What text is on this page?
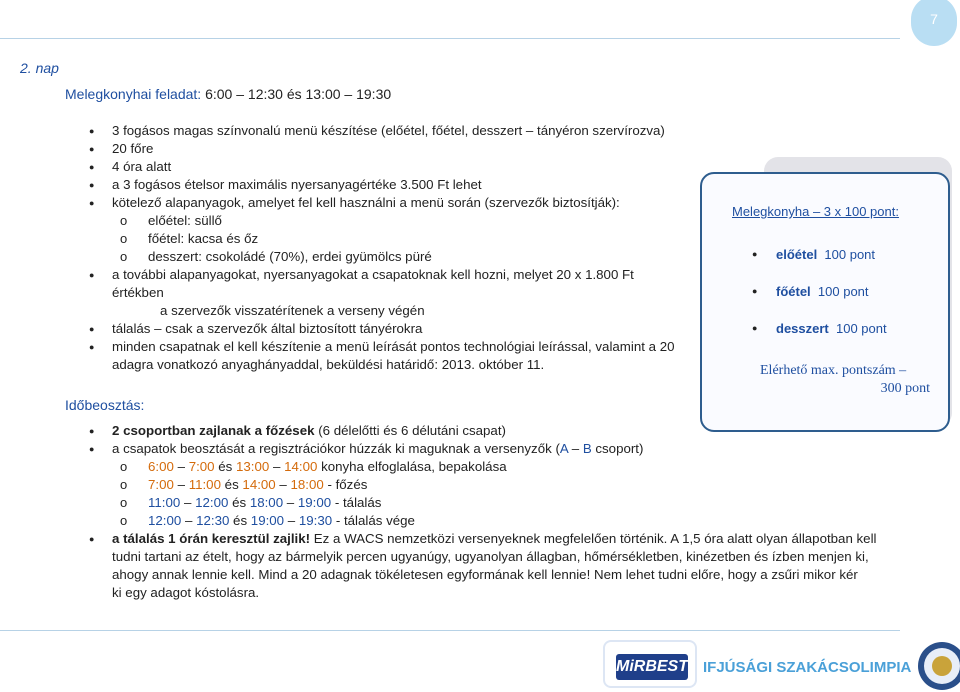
7
2. nap
Melegkonyhai feladat: 6:00 – 12:30 és 13:00 – 19:30
● 3 fogásos magas színvonalú menü készítése (előétel, főétel, desszert – tányéron szervírozva)
● 20 főre
● 4 óra alatt
● a 3 fogásos ételsor maximális nyersanyagértéke 3.500 Ft lehet
● kötelező alapanyagok, amelyet fel kell használni a menü során (szervezők biztosítják):
o előétel: süllő
o főétel: kacsa és őz
o desszert: csokoládé (70%), erdei gyümölcs püré
● a további alapanyagokat, nyersanyagokat a csapatoknak kell hozni, melyet 20 x 1.800 Ft értékben
a szervezők visszatérítenek a verseny végén
● tálalás – csak a szervezők által biztosított tányérokra
● minden csapatnak el kell készítenie a menü leírását pontos technológiai leírással, valamint a 20
adagra vonatkozó anyaghányaddal, beküldési határidő: 2013. október 11.
Melegkonyha – 3 x 100 pont:
● előétel 100 pont
● főétel 100 pont
● desszert 100 pont
Elérhető max. pontszám –
300 pont
Időbeosztás:
● 2 csoportban zajlanak a főzések (6 délelőtti és 6 délutáni csapat)
● a csapatok beosztását a regisztrációkor húzzák ki maguknak a versenyzők (A – B csoport)
o 6:00 – 7:00 és 13:00 – 14:00 konyha elfoglalása, bepakolása
o 7:00 – 11:00 és 14:00 – 18:00 - főzés
o 11:00 – 12:00 és 18:00 – 19:00 - tálalás
o 12:00 – 12:30 és 19:00 – 19:30 - tálalás vége
● a tálalás 1 órán keresztül zajlik! Ez a WACS nemzetközi versenyeknek megfelelően történik. A 1,5 óra alatt olyan állapotban kell
tudni tartani az ételt, hogy az bármelyik percen ugyanúgy, ugyanolyan állagban, hőmérsékletben, kinézetben és ízben menjen ki,
ahogy annak lennie kell. Mind a 20 adagnak tökéletesen egyformának kell lennie! Nem lehet tudni előre, hogy a zsűri mikor kér
ki egy adagot kóstolásra.
MiRBEST IFJÚSÁGI SZAKÁCSOLIMPIA
